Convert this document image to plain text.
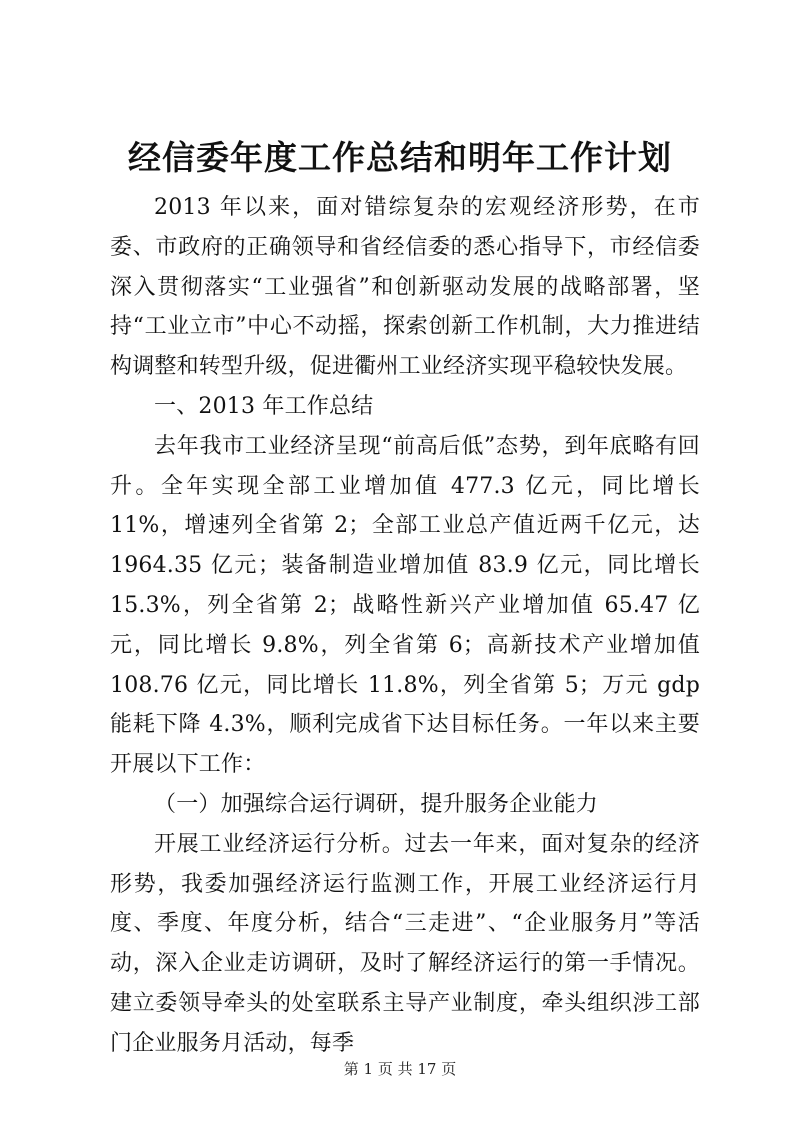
经信委年度工作总结和明年工作计划

2013 年以来，面对错综复杂的宏观经济形势，在市委、市政府的正确领导和省经信委的悉心指导下，市经信委深入贯彻落实“工业强省”和创新驱动发展的战略部署，坚持“工业立市”中心不动摇，探索创新工作机制，大力推进结构调整和转型升级，促进衢州工业经济实现平稳较快发展。

一、2013 年工作总结

去年我市工业经济呈现“前高后低”态势，到年底略有回升。全年实现全部工业增加值 477.3 亿元，同比增长 11%，增速列全省第 2；全部工业总产值近两千亿元，达 1964.35 亿元；装备制造业增加值 83.9 亿元，同比增长 15.3%，列全省第 2；战略性新兴产业增加值 65.47 亿元，同比增长 9.8%，列全省第 6；高新技术产业增加值 108.76 亿元，同比增长 11.8%，列全省第 5；万元 gdp 能耗下降 4.3%，顺利完成省下达目标任务。一年以来主要开展以下工作：

（一）加强综合运行调研，提升服务企业能力

开展工业经济运行分析。过去一年来，面对复杂的经济形势，我委加强经济运行监测工作，开展工业经济运行月度、季度、年度分析，结合“三走进”、“企业服务月”等活动，深入企业走访调研，及时了解经济运行的第一手情况。建立委领导牵头的处室联系主导产业制度，牵头组织涉工部门企业服务月活动，每季

第 1 页 共 17 页
